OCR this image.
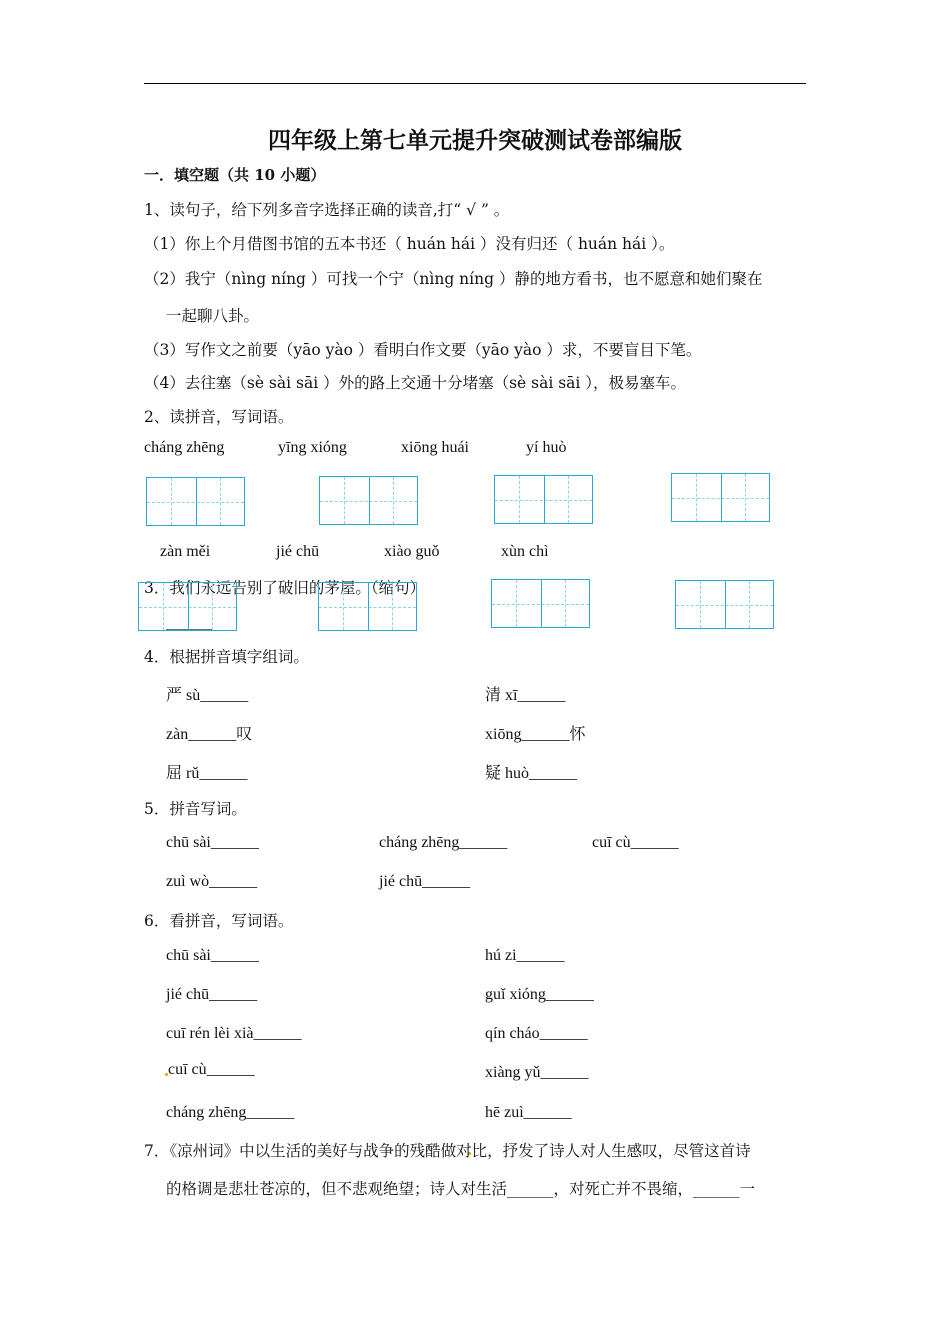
四年级上第七单元提升突破测试卷部编版
一．填空题（共 10 小题）
1、读句子，给下列多音字选择正确的读音,打“ √ ” 。
（1）你上个月借图书馆的五本书还（ huán hái ）没有归还（ huán hái ）。
（2）我宁（nìng níng ）可找一个宁（nìng níng ）静的地方看书，也不愿意和她们聚在
一起聊八卦。
（3）写作文之前要（yāo yào ）看明白作文要（yāo yào ）求，不要盲目下笔。
（4）去往塞（sè sài sāi ）外的路上交通十分堵塞（sè sài sāi ），极易塞车。
2、读拼音，写词语。
cháng zhēng	yīng xióng	xiōng huái	yí huò
zàn měi	jié chū	xiào guǒ	xùn chì
3．我们永远告别了破旧的茅屋。（缩句）
______
4．根据拼音填字组词。
严 sù______	清 xī______
zàn______叹	xiōng______怀
屈 rǔ______	疑 huò______
5．拼音写词。
chū sài______	cháng zhēng______	cuī cù______
zuì wò______	jié chū______
6．看拼音，写词语。
chū sài______	hú zi______
jié chū______	guǐ xióng______
cuī rén lèi xià______	qín cháo______
cuī cù______	xiàng yǔ______
cháng zhēng______	hē zuì______
7．《凉州词》中以生活的美好与战争的残酷做对比，抒发了诗人对人生感叹，尽管这首诗
的格调是悲壮苍凉的，但不悲观绝望；诗人对生活______，对死亡并不畏缩，______一
